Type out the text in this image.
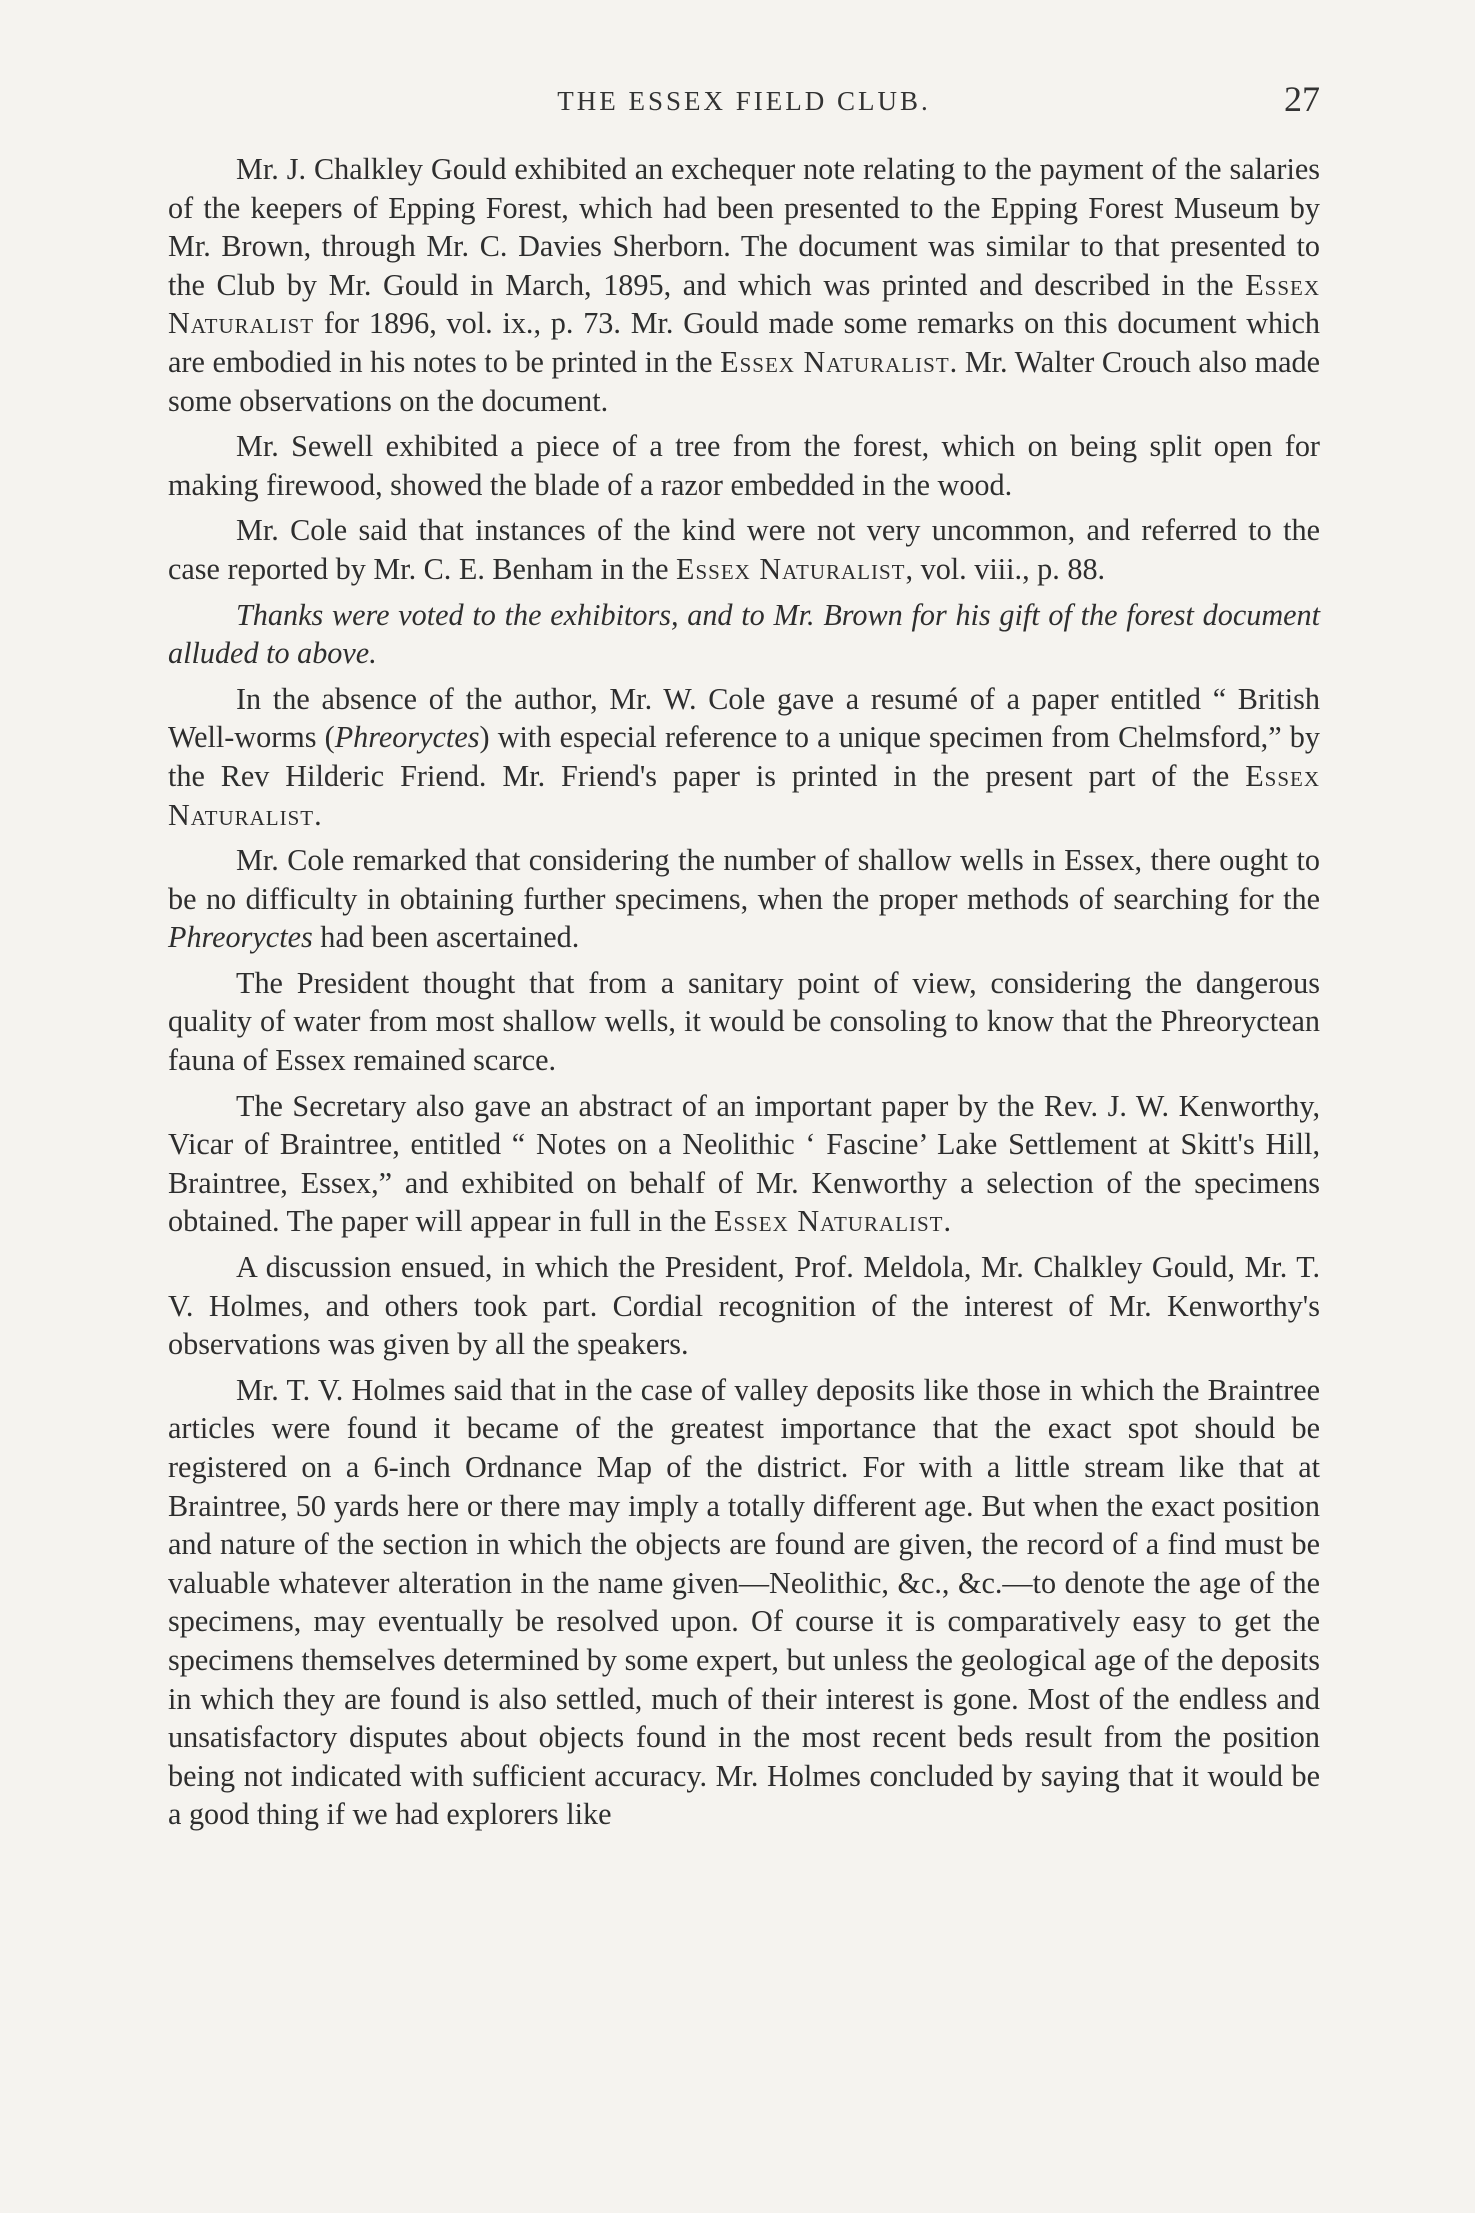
THE ESSEX FIELD CLUB.	27

Mr. J. Chalkley Gould exhibited an exchequer note relating to the payment of the salaries of the keepers of Epping Forest, which had been presented to the Epping Forest Museum by Mr. Brown, through Mr. C. Davies Sherborn. The document was similar to that presented to the Club by Mr. Gould in March, 1895, and which was printed and described in the Essex Naturalist for 1896, vol. ix., p. 73. Mr. Gould made some remarks on this document which are embodied in his notes to be printed in the Essex Naturalist. Mr. Walter Crouch also made some observations on the document.

Mr. Sewell exhibited a piece of a tree from the forest, which on being split open for making firewood, showed the blade of a razor embedded in the wood.

Mr. Cole said that instances of the kind were not very uncommon, and referred to the case reported by Mr. C. E. Benham in the Essex Naturalist, vol. viii., p. 88.

Thanks were voted to the exhibitors, and to Mr. Brown for his gift of the forest document alluded to above.

In the absence of the author, Mr. W. Cole gave a resumé of a paper entitled “ British Well-worms (Phreoryctes) with especial reference to a unique specimen from Chelmsford,” by the Rev Hilderic Friend. Mr. Friend's paper is printed in the present part of the Essex Naturalist.

Mr. Cole remarked that considering the number of shallow wells in Essex, there ought to be no difficulty in obtaining further specimens, when the proper methods of searching for the Phreoryctes had been ascertained.

The President thought that from a sanitary point of view, considering the dangerous quality of water from most shallow wells, it would be consoling to know that the Phreoryctean fauna of Essex remained scarce.

The Secretary also gave an abstract of an important paper by the Rev. J. W. Kenworthy, Vicar of Braintree, entitled “ Notes on a Neolithic ‘ Fascine’ Lake Settlement at Skitt's Hill, Braintree, Essex,” and exhibited on behalf of Mr. Kenworthy a selection of the specimens obtained. The paper will appear in full in the Essex Naturalist.

A discussion ensued, in which the President, Prof. Meldola, Mr. Chalkley Gould, Mr. T. V. Holmes, and others took part. Cordial recognition of the interest of Mr. Kenworthy's observations was given by all the speakers.

Mr. T. V. Holmes said that in the case of valley deposits like those in which the Braintree articles were found it became of the greatest importance that the exact spot should be registered on a 6-inch Ordnance Map of the district. For with a little stream like that at Braintree, 50 yards here or there may imply a totally different age. But when the exact position and nature of the section in which the objects are found are given, the record of a find must be valuable whatever alteration in the name given—Neolithic, &c., &c.—to denote the age of the specimens, may eventually be resolved upon. Of course it is comparatively easy to get the specimens themselves determined by some expert, but unless the geological age of the deposits in which they are found is also settled, much of their interest is gone. Most of the endless and unsatisfactory disputes about objects found in the most recent beds result from the position being not indicated with sufficient accuracy. Mr. Holmes concluded by saying that it would be a good thing if we had explorers like
